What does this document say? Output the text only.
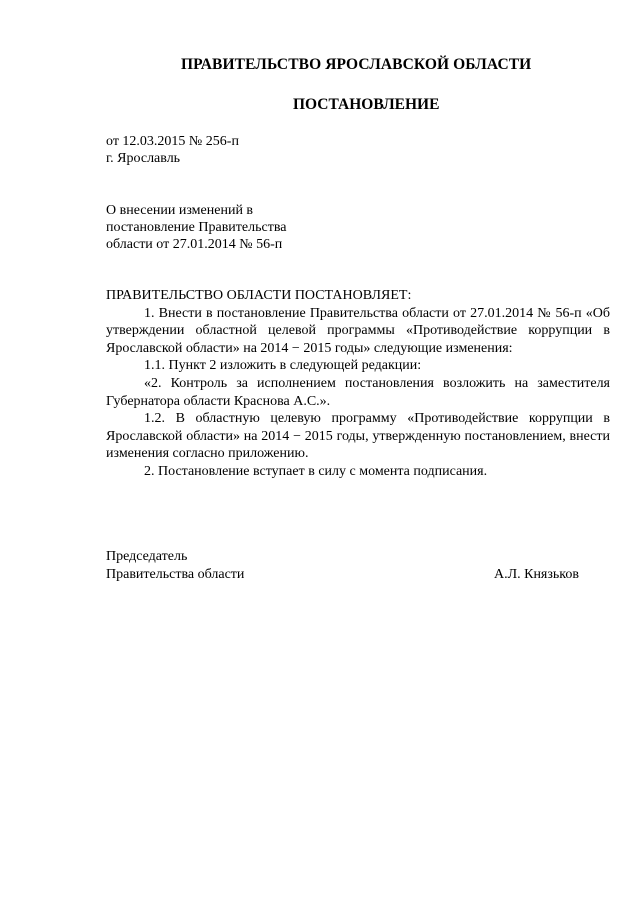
ПРАВИТЕЛЬСТВО ЯРОСЛАВСКОЙ ОБЛАСТИ
ПОСТАНОВЛЕНИЕ
от 12.03.2015 № 256-п
г. Ярославль
О внесении изменений в
постановление Правительства
области от 27.01.2014 № 56-п

ПРАВИТЕЛЬСТВО ОБЛАСТИ ПОСТАНОВЛЯЕТ:

1. Внести в постановление Правительства области от 27.01.2014 № 56-п «Об утверждении областной целевой программы «Противодействие коррупции в Ярославской области» на 2014 − 2015 годы» следующие изменения:

1.1. Пункт 2 изложить в следующей редакции:

«2. Контроль за исполнением постановления возложить на заместителя Губернатора области Краснова А.С.».

1.2. В областную целевую программу «Противодействие коррупции в Ярославской области» на 2014 − 2015 годы, утвержденную постановлением, внести изменения согласно приложению.

2. Постановление вступает в силу с момента подписания.

Председатель
Правительства области	А.Л. Князьков
